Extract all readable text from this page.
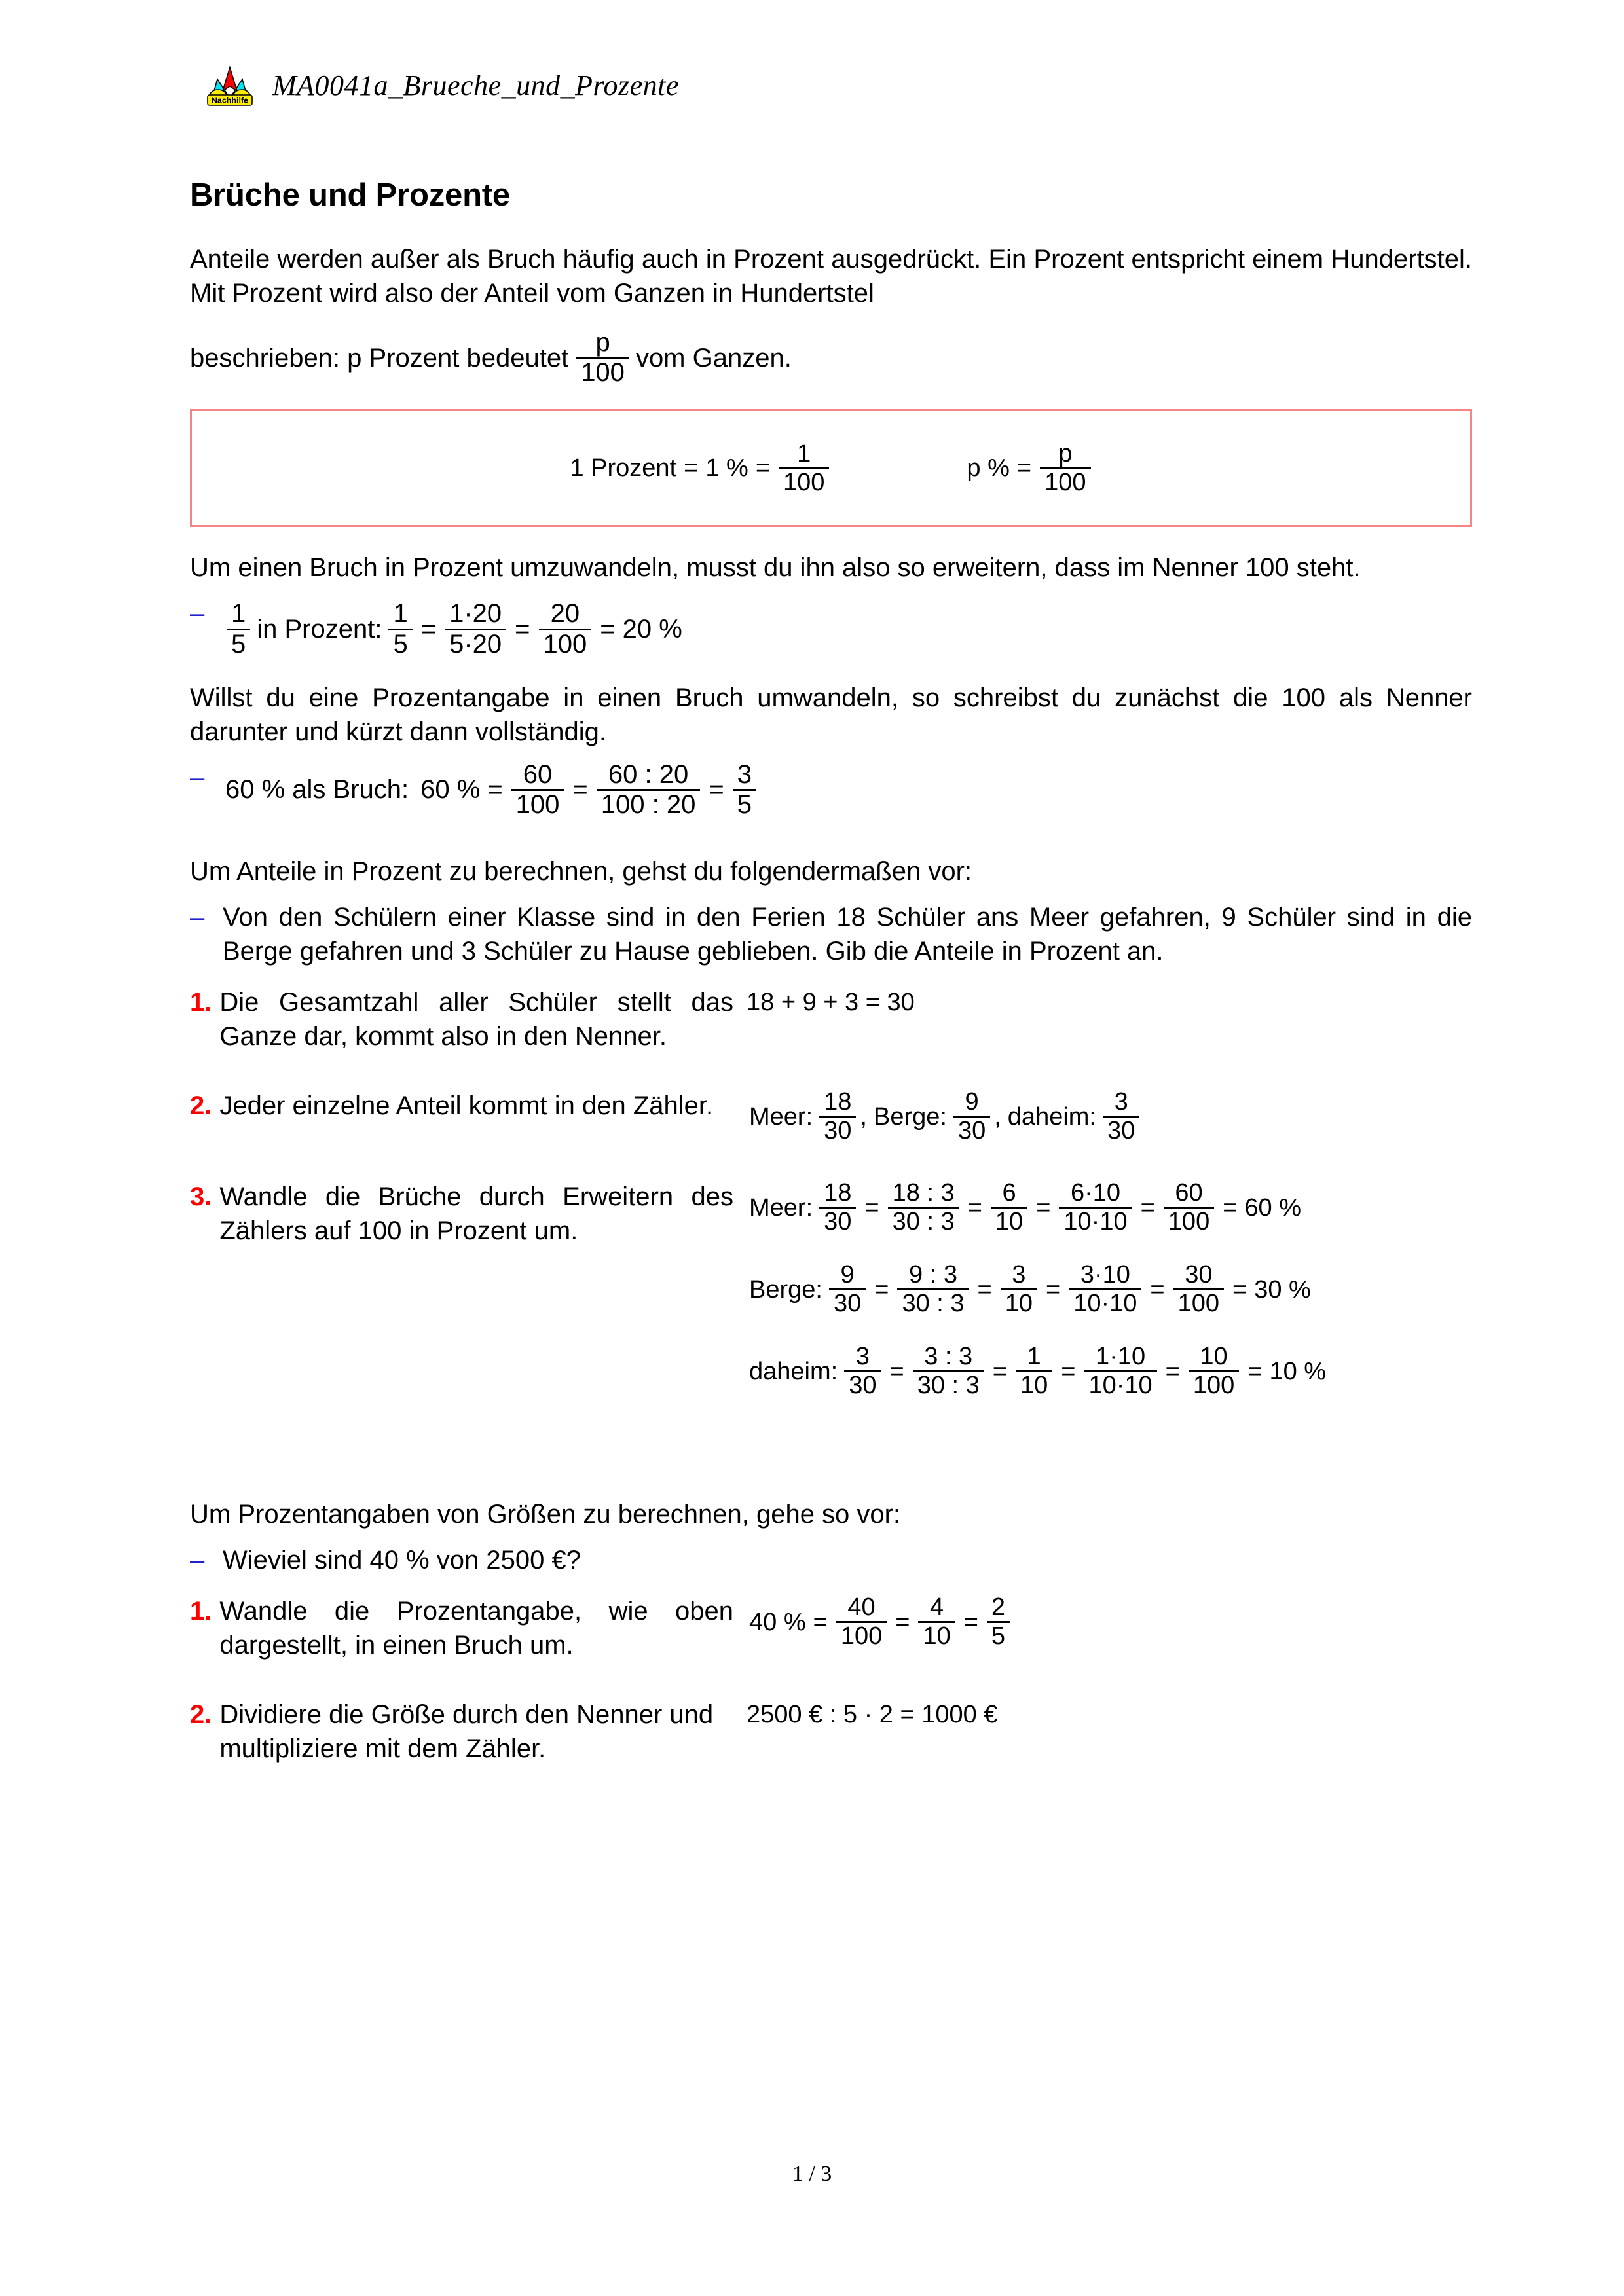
Nachhilfe MA0041a_Brueche_und_Prozente
Brüche und Prozente

Anteile werden außer als Bruch häufig auch in Prozent ausgedrückt. Ein Prozent entspricht einem Hundertstel. Mit Prozent wird also der Anteil vom Ganzen in Hundertstel

beschrieben: p Prozent bedeutet $\frac{p}{100}$ vom Ganzen.
1 Prozent = 1 % = $\frac{1}{100}$	p % = $\frac{p}{100}$

Um einen Bruch in Prozent umzuwandeln, musst du ihn also so erweitern, dass im Nenner 100 steht.

– $\frac{1}{5}$ in Prozent: $\frac{1}{5} = \frac{1\cdot 20}{5\cdot 20} = \frac{20}{100} = 20$ %

Willst du eine Prozentangabe in einen Bruch umwandeln, so schreibst du zunächst die 100 als Nenner darunter und kürzt dann vollständig.

– 60 % als Bruch: 60 % = $\frac{60}{100} = \frac{60 : 20}{100 : 20} = \frac{3}{5}$

Um Anteile in Prozent zu berechnen, gehst du folgendermaßen vor:

– Von den Schülern einer Klasse sind in den Ferien 18 Schüler ans Meer gefahren, 9 Schüler sind in die Berge gefahren und 3 Schüler zu Hause geblieben. Gib die Anteile in Prozent an.
1. Die Gesamtzahl aller Schüler stellt das Ganze dar, kommt also in den Nenner.
18 + 9 + 3 = 30
2. Jeder einzelne Anteil kommt in den Zähler.	Meer: $\frac{18}{30}$ , Berge: $\frac{9}{30}$ , daheim: $\frac{3}{30}$
3. Wandle die Brüche durch Erweitern des Zählers auf 100 in Prozent um.
Meer: $\frac{18}{30} = \frac{18 : 3}{30 : 3} = \frac{6}{10} = \frac{6\cdot 10}{10\cdot 10} = \frac{60}{100} = 60$ %
Berge: $\frac{9}{30} = \frac{9 : 3}{30 : 3} = \frac{3}{10} = \frac{3\cdot 10}{10\cdot 10} = \frac{30}{100} = 30$ %
daheim: $\frac{3}{30} = \frac{3 : 3}{30 : 3} = \frac{1}{10} = \frac{1\cdot 10}{10\cdot 10} = \frac{10}{100} = 10$ %

Um Prozentangaben von Größen zu berechnen, gehe so vor:

– Wieviel sind 40 % von 2500 €?
1. Wandle die Prozentangabe, wie oben dargestellt, in einen Bruch um.
40 % = $\frac{40}{100} = \frac{4}{10} = \frac{2}{5}$
2. Dividiere die Größe durch den Nenner und multipliziere mit dem Zähler.
2500 € : 5 · 2 = 1000 €
1 / 3
